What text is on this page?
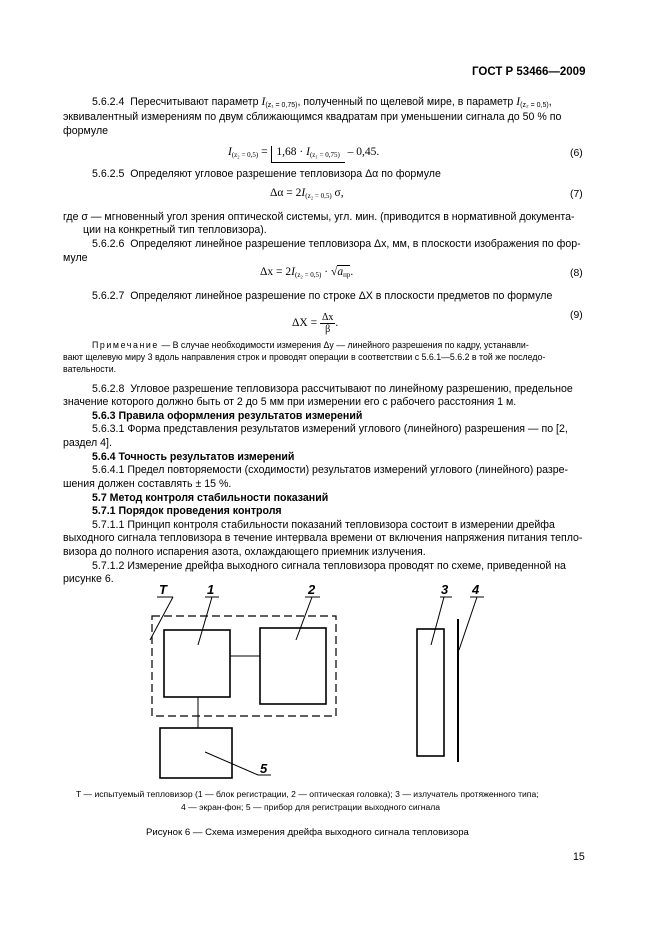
ГОСТ Р 53466—2009
5.6.2.4 Пересчитывают параметр $I_{(z_1 = 0,75)}$, полученный по щелевой мире, в параметр $I_{(z_2 = 0,5)}$,
эквивалентный измерениям по двум сближающимся квадратам при уменьшении сигнала до 50 % по
формуле
$I_{(z_2 = 0,5)} = 1,68 \cdot I_{(z_1 = 0,75)} - 0,45$.	(6)
5.6.2.5 Определяют угловое разрешение тепловизора Δα по формуле
$\Delta\alpha = 2I_{(z_2 = 0,5)}$ σ,	(7)
где σ — мгновенный угол зрения оптической системы, угл. мин. (приводится в нормативной документа-
ции на конкретный тип тепловизора).
5.6.2.6 Определяют линейное разрешение тепловизора Δx, мм, в плоскости изображения по фор-
муле
$\Delta x = 2I_{(z_2 = 0,5)} \cdot √a_{пр}$.	(8)
5.6.2.7 Определяют линейное разрешение по строке ΔX в плоскости предметов по формуле
$\Delta X = \frac{\Delta x}{\beta}$ .
(9)
Примечание — В случае необходимости измерения Δy — линейного разрешения по кадру, устанавли-
вают щелевую миру 3 вдоль направления строк и проводят операции в соответствии с 5.6.1—5.6.2 в той же последо-
вательности.
5.6.2.8 Угловое разрешение тепловизора рассчитывают по линейному разрешению, предельное
значение которого должно быть от 2 до 5 мм при измерении его с рабочего расстояния 1 м.
5.6.3 Правила оформления результатов измерений
5.6.3.1 Форма представления результатов измерений углового (линейного) разрешения — по [2,
раздел 4].
5.6.4 Точность результатов измерений
5.6.4.1 Предел повторяемости (сходимости) результатов измерений углового (линейного) разре-
шения должен составлять ± 15 %.
5.7 Метод контроля стабильности показаний
5.7.1 Порядок проведения контроля
5.7.1.1 Принцип контроля стабильности показаний тепловизора состоит в измерении дрейфа
выходного сигнала тепловизора в течение интервала времени от включения напряжения питания тепло-
визора до полного испарения азота, охлаждающего приемник излучения.
5.7.1.2 Измерение дрейфа выходного сигнала тепловизора проводят по схеме, приведенной на
рисунке 6.
T	1	2	3 4
5
T — испытуемый тепловизор (1 — блок регистрации, 2 — оптическая головка); 3 — излучатель протяженного типа;
4 — экран-фон; 5 — прибор для регистрации выходного сигнала
Рисунок 6 — Схема измерения дрейфа выходного сигнала тепловизора
15
